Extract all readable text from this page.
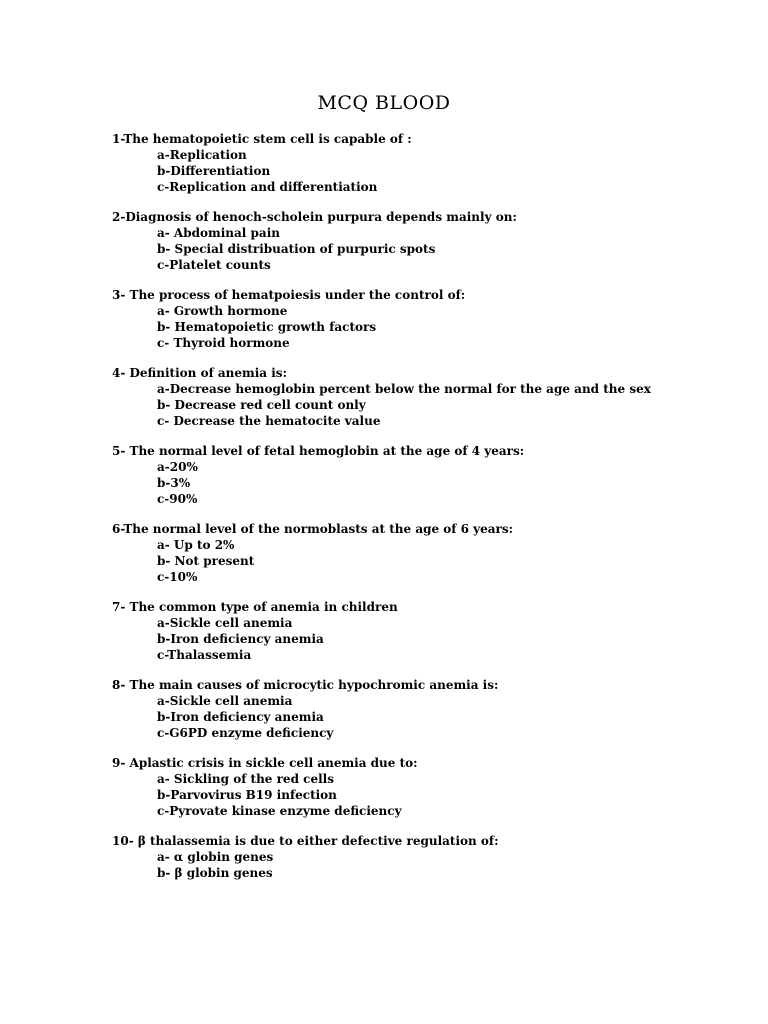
MCQ BLOOD
1-The hematopoietic stem cell is capable of :
a-Replication
b-Differentiation
c-Replication and differentiation
2-Diagnosis of henoch-scholein purpura depends mainly on:
a- Abdominal pain
b- Special distribuation of purpuric spots
c-Platelet counts
3- The process of hematpoiesis under the control of:
a- Growth hormone
b- Hematopoietic growth factors
c- Thyroid hormone
4- Definition of anemia is:
a-Decrease hemoglobin percent below the normal for the age and the sex
b- Decrease red cell count only
c- Decrease the hematocite value
5- The normal level of fetal hemoglobin at the age of 4 years:
a-20%
b-3%
c-90%
6-The normal level of the normoblasts at the age of 6 years:
a- Up to 2%
b- Not present
c-10%
7- The common type of anemia in children
a-Sickle cell anemia
b-Iron deficiency anemia
c-Thalassemia
8- The main causes of microcytic hypochromic anemia is:
a-Sickle cell anemia
b-Iron deficiency anemia
c-G6PD enzyme deficiency
9- Aplastic crisis in sickle cell anemia due to:
a- Sickling of the red cells
b-Parvovirus B19 infection
c-Pyrovate kinase enzyme deficiency
10- β thalassemia is due to either defective regulation of:
a- α globin genes
b- β globin genes
